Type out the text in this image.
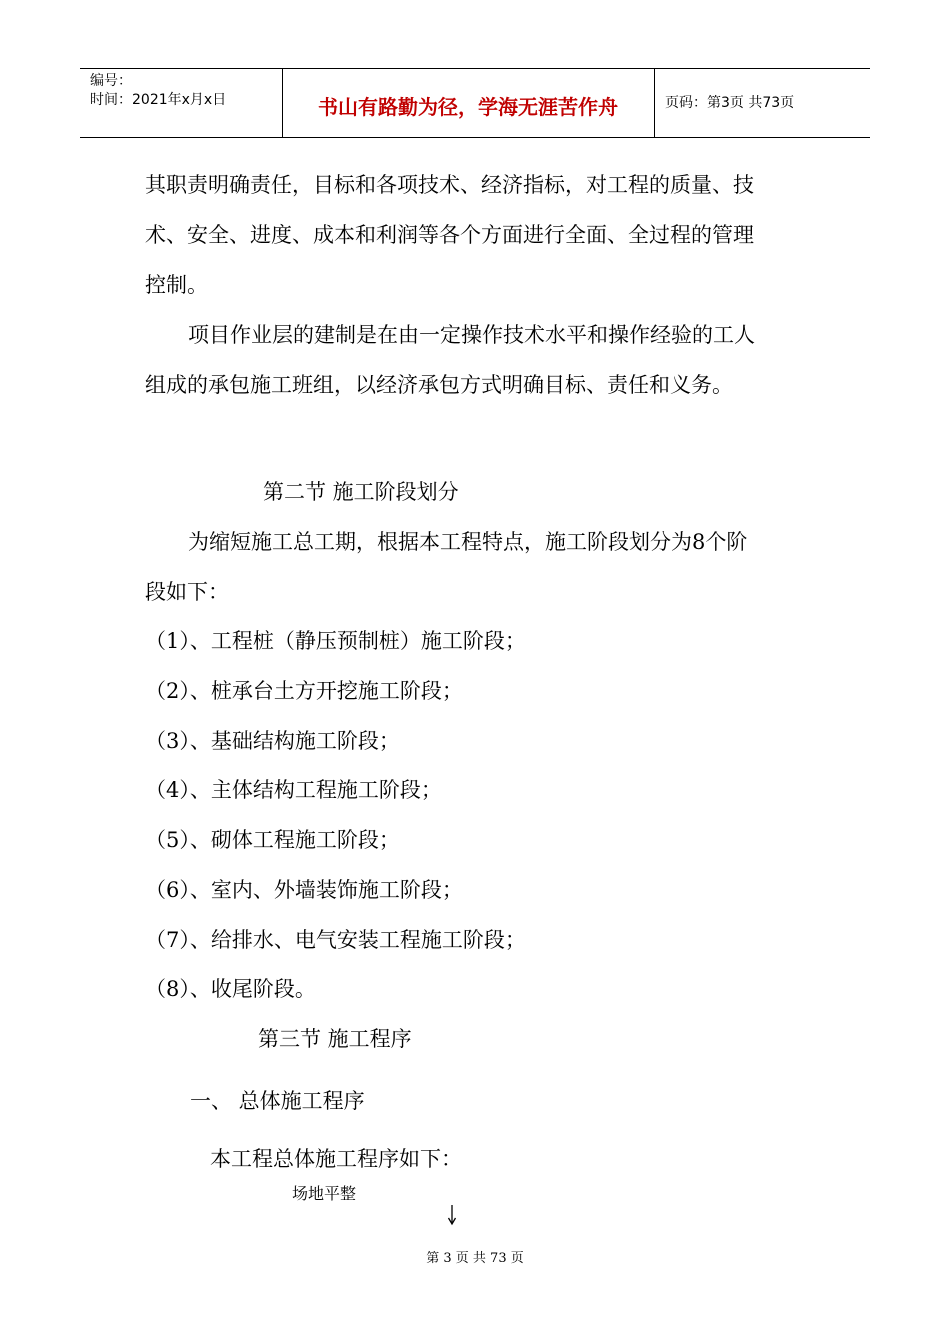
编号：
时间：2021年x月x日	书山有路勤为径，学海无涯苦作舟	页码：第3页 共73页
其职责明确责任，目标和各项技术、经济指标，对工程的质量、技
术、安全、进度、成本和利润等各个方面进行全面、全过程的管理
控制。
项目作业层的建制是在由一定操作技术水平和操作经验的工人
组成的承包施工班组，以经济承包方式明确目标、责任和义务。
第二节 施工阶段划分
为缩短施工总工期，根据本工程特点，施工阶段划分为8个阶
段如下：
（1）、工程桩（静压预制桩）施工阶段；
（2）、桩承台土方开挖施工阶段；
（3）、基础结构施工阶段；
（4）、主体结构工程施工阶段；
（5）、砌体工程施工阶段；
（6）、室内、外墙装饰施工阶段；
（7）、给排水、电气安装工程施工阶段；
（8）、收尾阶段。
第三节 施工程序
一、 总体施工程序
本工程总体施工程序如下：
场地平整
第 3 页 共 73 页
